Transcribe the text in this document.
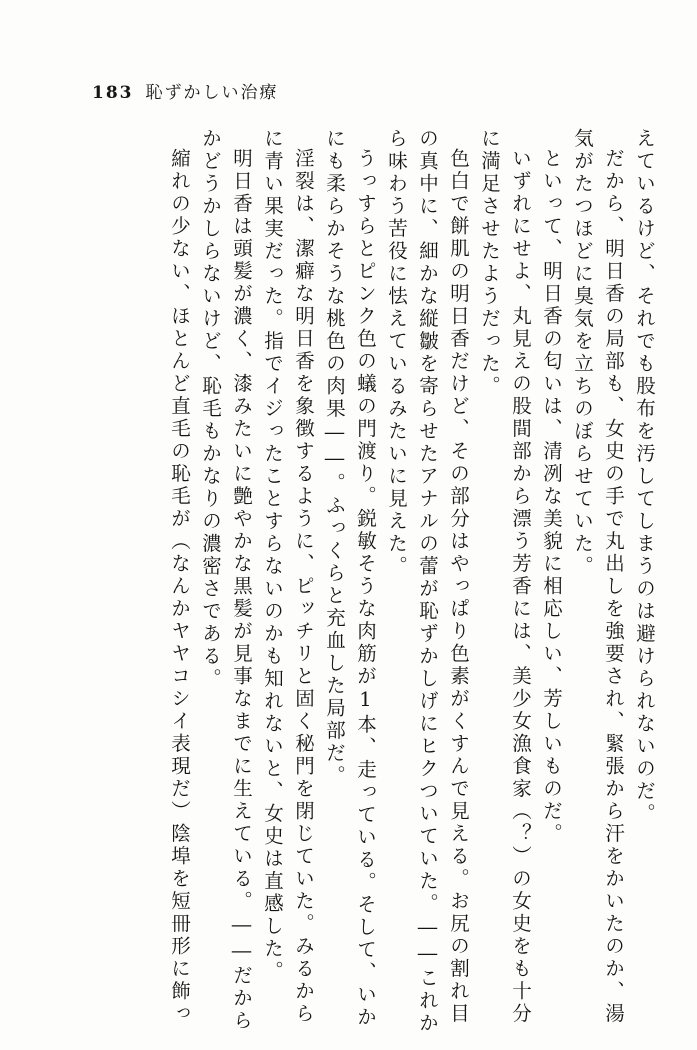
183 恥ずかしい治療
えているけど、それでも股布を汚してしまうのは避けられないのだ。
だから、明日香の局部も、女史の手で丸出しを強要され、緊張から汗をかいたのか、湯
気がたつほどに臭気を立ちのぼらせていた。
といって、明日香の匂いは、清冽な美貌に相応しい、芳しいものだ。
いずれにせよ、丸見えの股間部から漂う芳香には、美少女漁食家（？）の女史をも十分
に満足させたようだった。
色白で餅肌の明日香だけど、その部分はやっぱり色素がくすんで見える。お尻の割れ目
の真中に、細かな縦皺を寄らせたアナルの蕾が恥ずかしげにヒクついていた。――これか
ら味わう苦役に怯えているみたいに見えた。
うっすらとピンク色の蟻の門渡り。鋭敏そうな肉筋が1本、走っている。そして、いか
にも柔らかそうな桃色の肉果――。ふっくらと充血した局部だ。
淫裂は、潔癖な明日香を象徴するように、ピッチリと固く秘門を閉じていた。みるから
に青い果実だった。指でイジったことすらないのかも知れないと、女史は直感した。
明日香は頭髪が濃く、漆みたいに艶やかな黒髪が見事なまでに生えている。――だから
かどうかしらないけど、恥毛もかなりの濃密さである。
縮れの少ない、ほとんど直毛の恥毛が（なんかヤヤコシイ表現だ）陰埠を短冊形に飾っ
